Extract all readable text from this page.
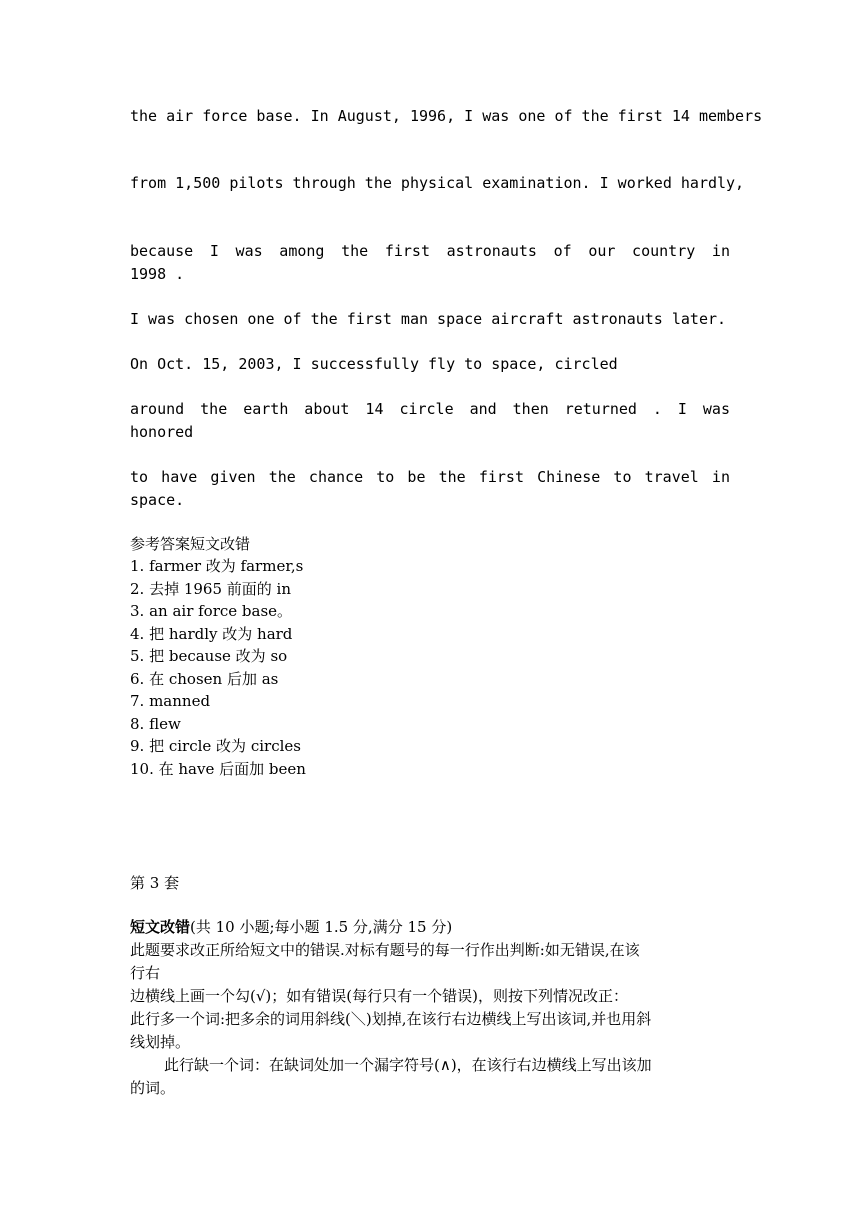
the air force base. In August, 1996, I was one of the first 14 members
from 1,500 pilots through the physical examination. I worked hardly,
because I was among the first astronauts of our country in
1998 .
I was chosen one of the first man space aircraft astronauts later.
On Oct. 15, 2003, I successfully fly to space, circled
around the earth about 14 circle and then returned . I was
honored
to have given the chance to be the first Chinese to travel in
space.
参考答案短文改错
1. farmer 改为 farmer,s
2. 去掉 1965 前面的 in
3. an air force base。
4. 把 hardly 改为 hard
5. 把 because 改为 so
6. 在 chosen 后加 as
7. manned
8. flew
9. 把 circle 改为 circles
10. 在 have 后面加 been
第 3 套
短文改错(共 10 小题;每小题 1.5 分,满分 15 分)
此题要求改正所给短文中的错误.对标有题号的每一行作出判断:如无错误,在该
行右
边横线上画一个勾(√)；如有错误(每行只有一个错误)，则按下列情况改正：
此行多一个词:把多余的词用斜线(＼)划掉,在该行右边横线上写出该词,并也用斜
线划掉。
此行缺一个词：在缺词处加一个漏字符号(∧)，在该行右边横线上写出该加
的词。
